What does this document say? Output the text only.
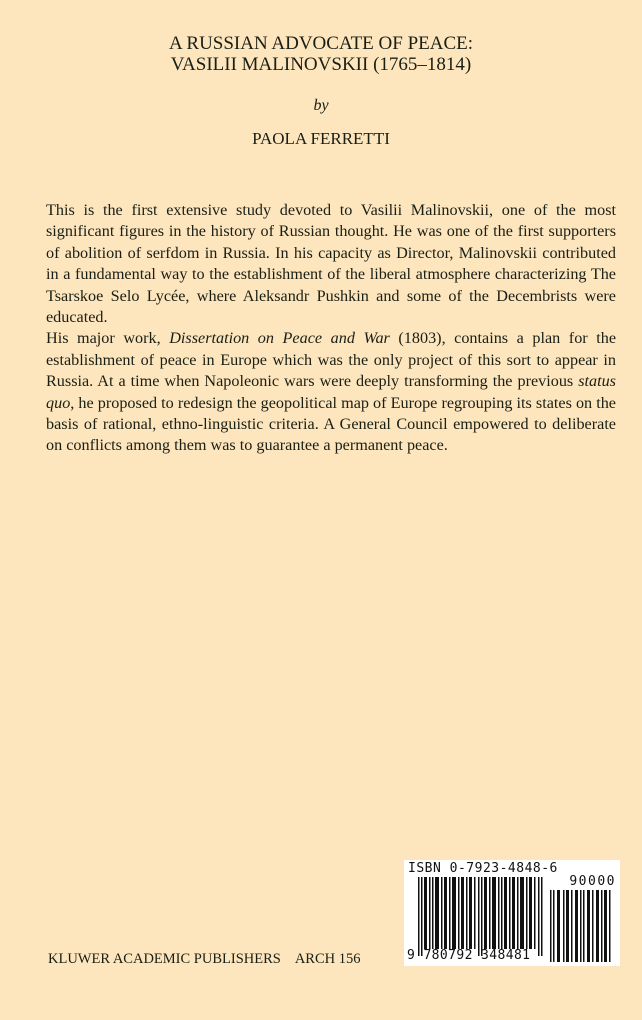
A RUSSIAN ADVOCATE OF PEACE:
VASILII MALINOVSKII (1765–1814)
by
PAOLA FERRETTI

This is the first extensive study devoted to Vasilii Malinovskii, one of the most significant figures in the history of Russian thought. He was one of the first supporters of abolition of serfdom in Russia. In his capacity as Director, Malinovskii contributed in a fundamental way to the establishment of the liberal atmosphere characterizing The Tsarskoe Selo Lycée, where Aleksandr Pushkin and some of the Decembrists were educated.

His major work, Dissertation on Peace and War (1803), contains a plan for the establishment of peace in Europe which was the only project of this sort to appear in Russia. At a time when Napoleonic wars were deeply transforming the previous status quo, he proposed to redesign the geopolitical map of Europe regrouping its states on the basis of rational, ethno-linguistic criteria. A General Council empowered to deliberate on conflicts among them was to guarantee a permanent peace.

ISBN 0-7923-4848-6
90000
9 780792 348481
KLUWER ACADEMIC PUBLISHERS ARCH 156
